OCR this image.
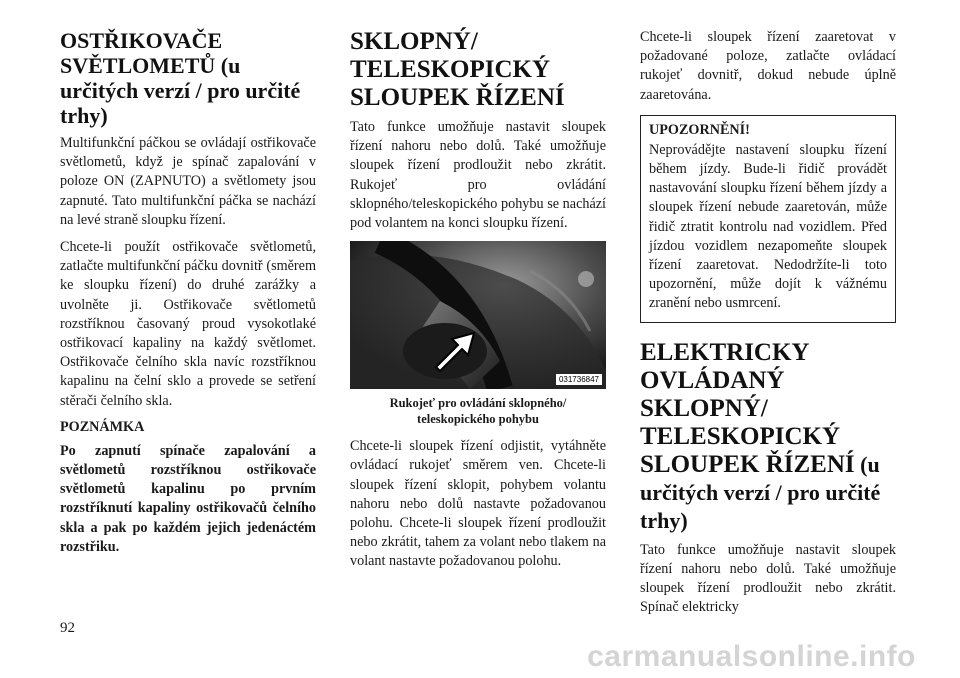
OSTŘIKOVAČE SVĚTLOMETŮ (u určitých verzí / pro určité trhy)

Multifunkční páčkou se ovládají ostřikovače světlometů, když je spínač zapalování v poloze ON (ZAPNUTO) a světlomety jsou zapnuté. Tato multifunkční páčka se nachází na levé straně sloupku řízení.

Chcete-li použít ostřikovače světlometů, zatlačte multifunkční páčku dovnitř (směrem ke sloupku řízení) do druhé zarážky a uvolněte ji. Ostřikovače světlometů rozstříknou časovaný proud vysokotlaké ostřikovací kapaliny na každý světlomet. Ostřikovače čelního skla navíc rozstříknou kapalinu na čelní sklo a provede se setření stěrači čelního skla.

POZNÁMKA

Po zapnutí spínače zapalování a světlometů rozstříknou ostřikovače světlometů kapalinu po prvním rozstříknutí kapaliny ostřikovačů čelního skla a pak po každém jejich jedenáctém rozstřiku.

SKLOPNÝ/ TELESKOPICKÝ SLOUPEK ŘÍZENÍ

Tato funkce umožňuje nastavit sloupek řízení nahoru nebo dolů. Také umožňuje sloupek řízení prodloužit nebo zkrátit. Rukojeť pro ovládání sklopného/teleskopického pohybu se nachází pod volantem na konci sloupku řízení.

031736847
Rukojeť pro ovládání sklopného/ teleskopického pohybu

Chcete-li sloupek řízení odjistit, vytáhněte ovládací rukojeť směrem ven. Chcete-li sloupek řízení sklopit, pohybem volantu nahoru nebo dolů nastavte požadovanou polohu. Chcete-li sloupek řízení prodloužit nebo zkrátit, tahem za volant nebo tlakem na volant nastavte požadovanou polohu.

Chcete-li sloupek řízení zaaretovat v požadované poloze, zatlačte ovládací rukojeť dovnitř, dokud nebude úplně zaaretována.

UPOZORNĚNÍ!

Neprovádějte nastavení sloupku řízení během jízdy. Bude-li řidič provádět nastavování sloupku řízení během jízdy a sloupek řízení nebude zaaretován, může řidič ztratit kontrolu nad vozidlem. Před jízdou vozidlem nezapomeňte sloupek řízení zaaretovat. Nedodržíte-li toto upozornění, může dojít k vážnému zranění nebo usmrcení.

ELEKTRICKY OVLÁDANÝ SKLOPNÝ/ TELESKOPICKÝ SLOUPEK ŘÍZENÍ (u určitých verzí / pro určité trhy)

Tato funkce umožňuje nastavit sloupek řízení nahoru nebo dolů. Také umožňuje sloupek řízení prodloužit nebo zkrátit. Spínač elektricky

92
carmanualsonline.info
